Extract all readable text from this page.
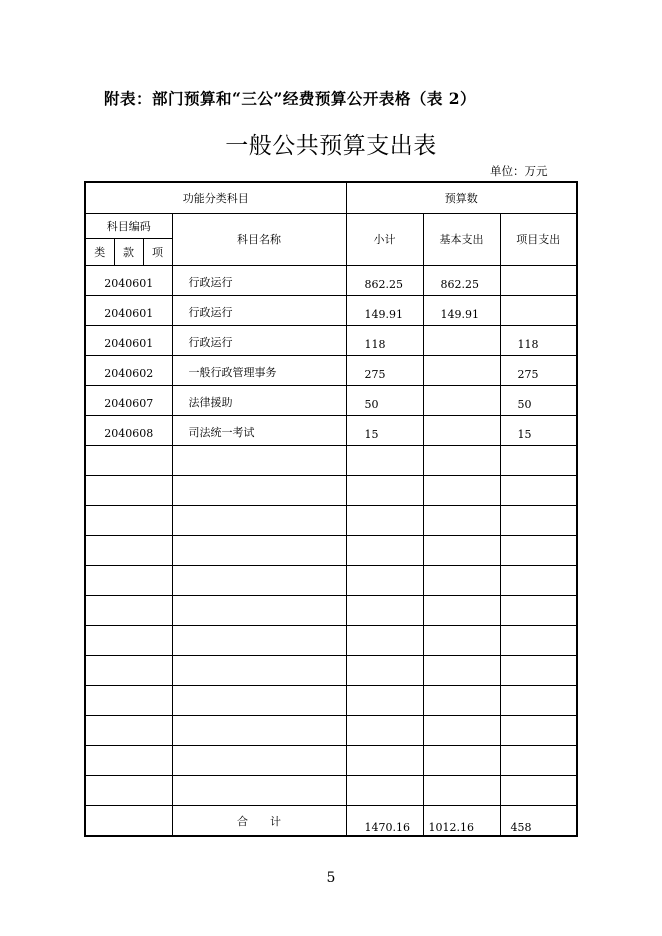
附表：部门预算和“三公”经费预算公开表格（表 2）
一般公共预算支出表
单位：万元
功能分类科目				预算数		
科目编码			科目名称	小计	基本支出	项目支出
类	款	项				
2040601			行政运行	862.25	862.25	
2040601			行政运行	149.91	149.91	
2040601			行政运行	118		118
2040602			一般行政管理事务	275		275
2040607			法律援助	50		50
2040608			司法统一考试	15		15

			合　　计	1470.16	1012.16	458
5
